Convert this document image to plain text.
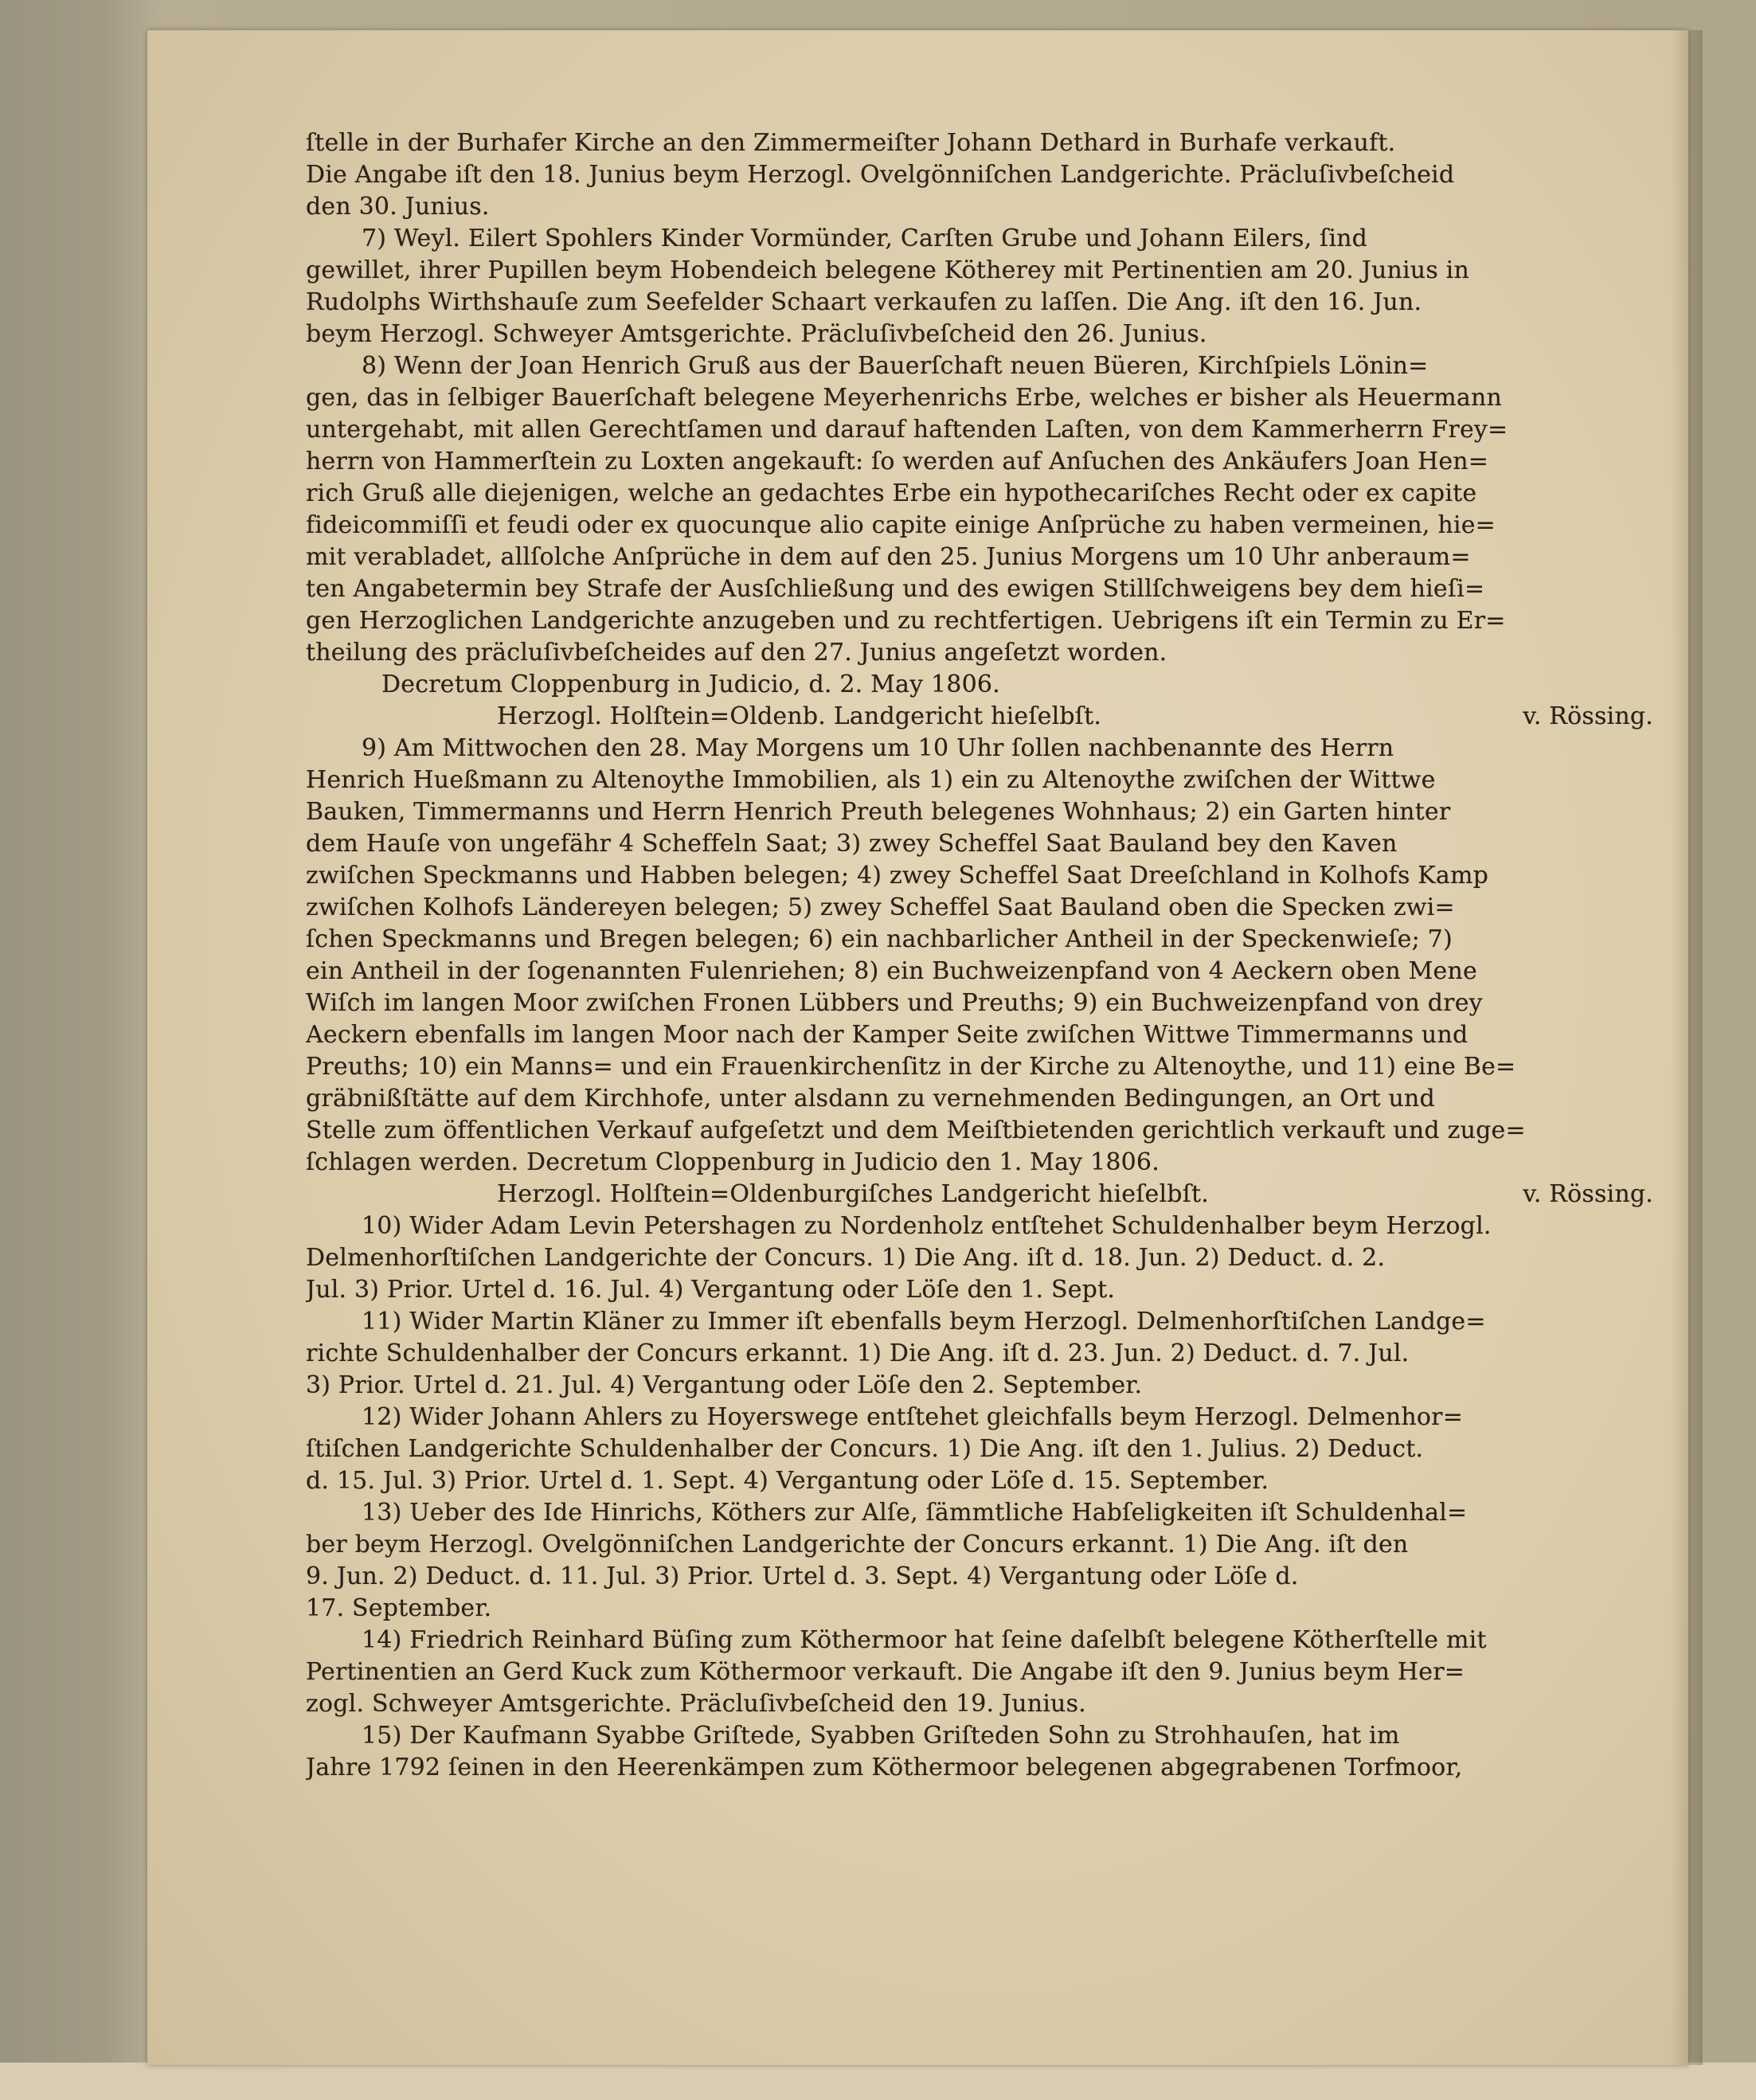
ſtelle in der Burhafer Kirche an den Zimmermeiſter Johann Dethard in Burhafe verkauft.
Die Angabe iſt den 18. Junius beym Herzogl. Ovelgönniſchen Landgerichte. Präcluſivbeſcheid
den 30. Junius.
7) Weyl. Eilert Spohlers Kinder Vormünder, Carſten Grube und Johann Eilers, ſind
gewillet, ihrer Pupillen beym Hobendeich belegene Kötherey mit Pertinentien am 20. Junius in
Rudolphs Wirthshauſe zum Seefelder Schaart verkaufen zu laſſen. Die Ang. iſt den 16. Jun.
beym Herzogl. Schweyer Amtsgerichte. Präcluſivbeſcheid den 26. Junius.
8) Wenn der Joan Henrich Gruß aus der Bauerſchaft neuen Büeren, Kirchſpiels Lönin=
gen, das in ſelbiger Bauerſchaft belegene Meyerhenrichs Erbe, welches er bisher als Heuermann
untergehabt, mit allen Gerechtſamen und darauf haftenden Laſten, von dem Kammerherrn Frey=
herrn von Hammerſtein zu Loxten angekauft: ſo werden auf Anſuchen des Ankäufers Joan Hen=
rich Gruß alle diejenigen, welche an gedachtes Erbe ein hypothecariſches Recht oder ex capite
fideicommiſſi et feudi oder ex quocunque alio capite einige Anſprüche zu haben vermeinen, hie=
mit verabladet, allſolche Anſprüche in dem auf den 25. Junius Morgens um 10 Uhr anberaum=
ten Angabetermin bey Strafe der Ausſchließung und des ewigen Stillſchweigens bey dem hieſi=
gen Herzoglichen Landgerichte anzugeben und zu rechtfertigen. Uebrigens iſt ein Termin zu Er=
theilung des präcluſivbeſcheides auf den 27. Junius angeſetzt worden.
Decretum Cloppenburg in Judicio, d. 2. May 1806.
Herzogl. Holſtein=Oldenb. Landgericht hieſelbſt.	v. Rössing.
9) Am Mittwochen den 28. May Morgens um 10 Uhr ſollen nachbenannte des Herrn
Henrich Hueßmann zu Altenoythe Immobilien, als 1) ein zu Altenoythe zwiſchen der Wittwe
Bauken, Timmermanns und Herrn Henrich Preuth belegenes Wohnhaus; 2) ein Garten hinter
dem Hauſe von ungefähr 4 Scheffeln Saat; 3) zwey Scheffel Saat Bauland bey den Kaven
zwiſchen Speckmanns und Habben belegen; 4) zwey Scheffel Saat Dreeſchland in Kolhofs Kamp
zwiſchen Kolhofs Ländereyen belegen; 5) zwey Scheffel Saat Bauland oben die Specken zwi=
ſchen Speckmanns und Bregen belegen; 6) ein nachbarlicher Antheil in der Speckenwieſe; 7)
ein Antheil in der ſogenannten Fulenriehen; 8) ein Buchweizenpfand von 4 Aeckern oben Mene
Wiſch im langen Moor zwiſchen Fronen Lübbers und Preuths; 9) ein Buchweizenpfand von drey
Aeckern ebenfalls im langen Moor nach der Kamper Seite zwiſchen Wittwe Timmermanns und
Preuths; 10) ein Manns= und ein Frauenkirchenſitz in der Kirche zu Altenoythe, und 11) eine Be=
gräbnißſtätte auf dem Kirchhofe, unter alsdann zu vernehmenden Bedingungen, an Ort und
Stelle zum öffentlichen Verkauf aufgeſetzt und dem Meiſtbietenden gerichtlich verkauft und zuge=
ſchlagen werden. Decretum Cloppenburg in Judicio den 1. May 1806.
Herzogl. Holſtein=Oldenburgiſches Landgericht hieſelbſt.	v. Rössing.
10) Wider Adam Levin Petershagen zu Nordenholz entſtehet Schuldenhalber beym Herzogl.
Delmenhorſtiſchen Landgerichte der Concurs. 1) Die Ang. iſt d. 18. Jun. 2) Deduct. d. 2.
Jul. 3) Prior. Urtel d. 16. Jul. 4) Vergantung oder Löſe den 1. Sept.
11) Wider Martin Kläner zu Immer iſt ebenfalls beym Herzogl. Delmenhorſtiſchen Landge=
richte Schuldenhalber der Concurs erkannt. 1) Die Ang. iſt d. 23. Jun. 2) Deduct. d. 7. Jul.
3) Prior. Urtel d. 21. Jul. 4) Vergantung oder Löſe den 2. September.
12) Wider Johann Ahlers zu Hoyerswege entſtehet gleichfalls beym Herzogl. Delmenhor=
ſtiſchen Landgerichte Schuldenhalber der Concurs. 1) Die Ang. iſt den 1. Julius. 2) Deduct.
d. 15. Jul. 3) Prior. Urtel d. 1. Sept. 4) Vergantung oder Löſe d. 15. September.
13) Ueber des Ide Hinrichs, Köthers zur Alſe, ſämmtliche Habſeligkeiten iſt Schuldenhal=
ber beym Herzogl. Ovelgönniſchen Landgerichte der Concurs erkannt. 1) Die Ang. iſt den
9. Jun. 2) Deduct. d. 11. Jul. 3) Prior. Urtel d. 3. Sept. 4) Vergantung oder Löſe d.
17. September.
14) Friedrich Reinhard Büſing zum Köthermoor hat ſeine daſelbſt belegene Kötherſtelle mit
Pertinentien an Gerd Kuck zum Köthermoor verkauft. Die Angabe iſt den 9. Junius beym Her=
zogl. Schweyer Amtsgerichte. Präcluſivbeſcheid den 19. Junius.
15) Der Kaufmann Syabbe Griſtede, Syabben Griſteden Sohn zu Strohhauſen, hat im
Jahre 1792 ſeinen in den Heerenkämpen zum Köthermoor belegenen abgegrabenen Torfmoor,
